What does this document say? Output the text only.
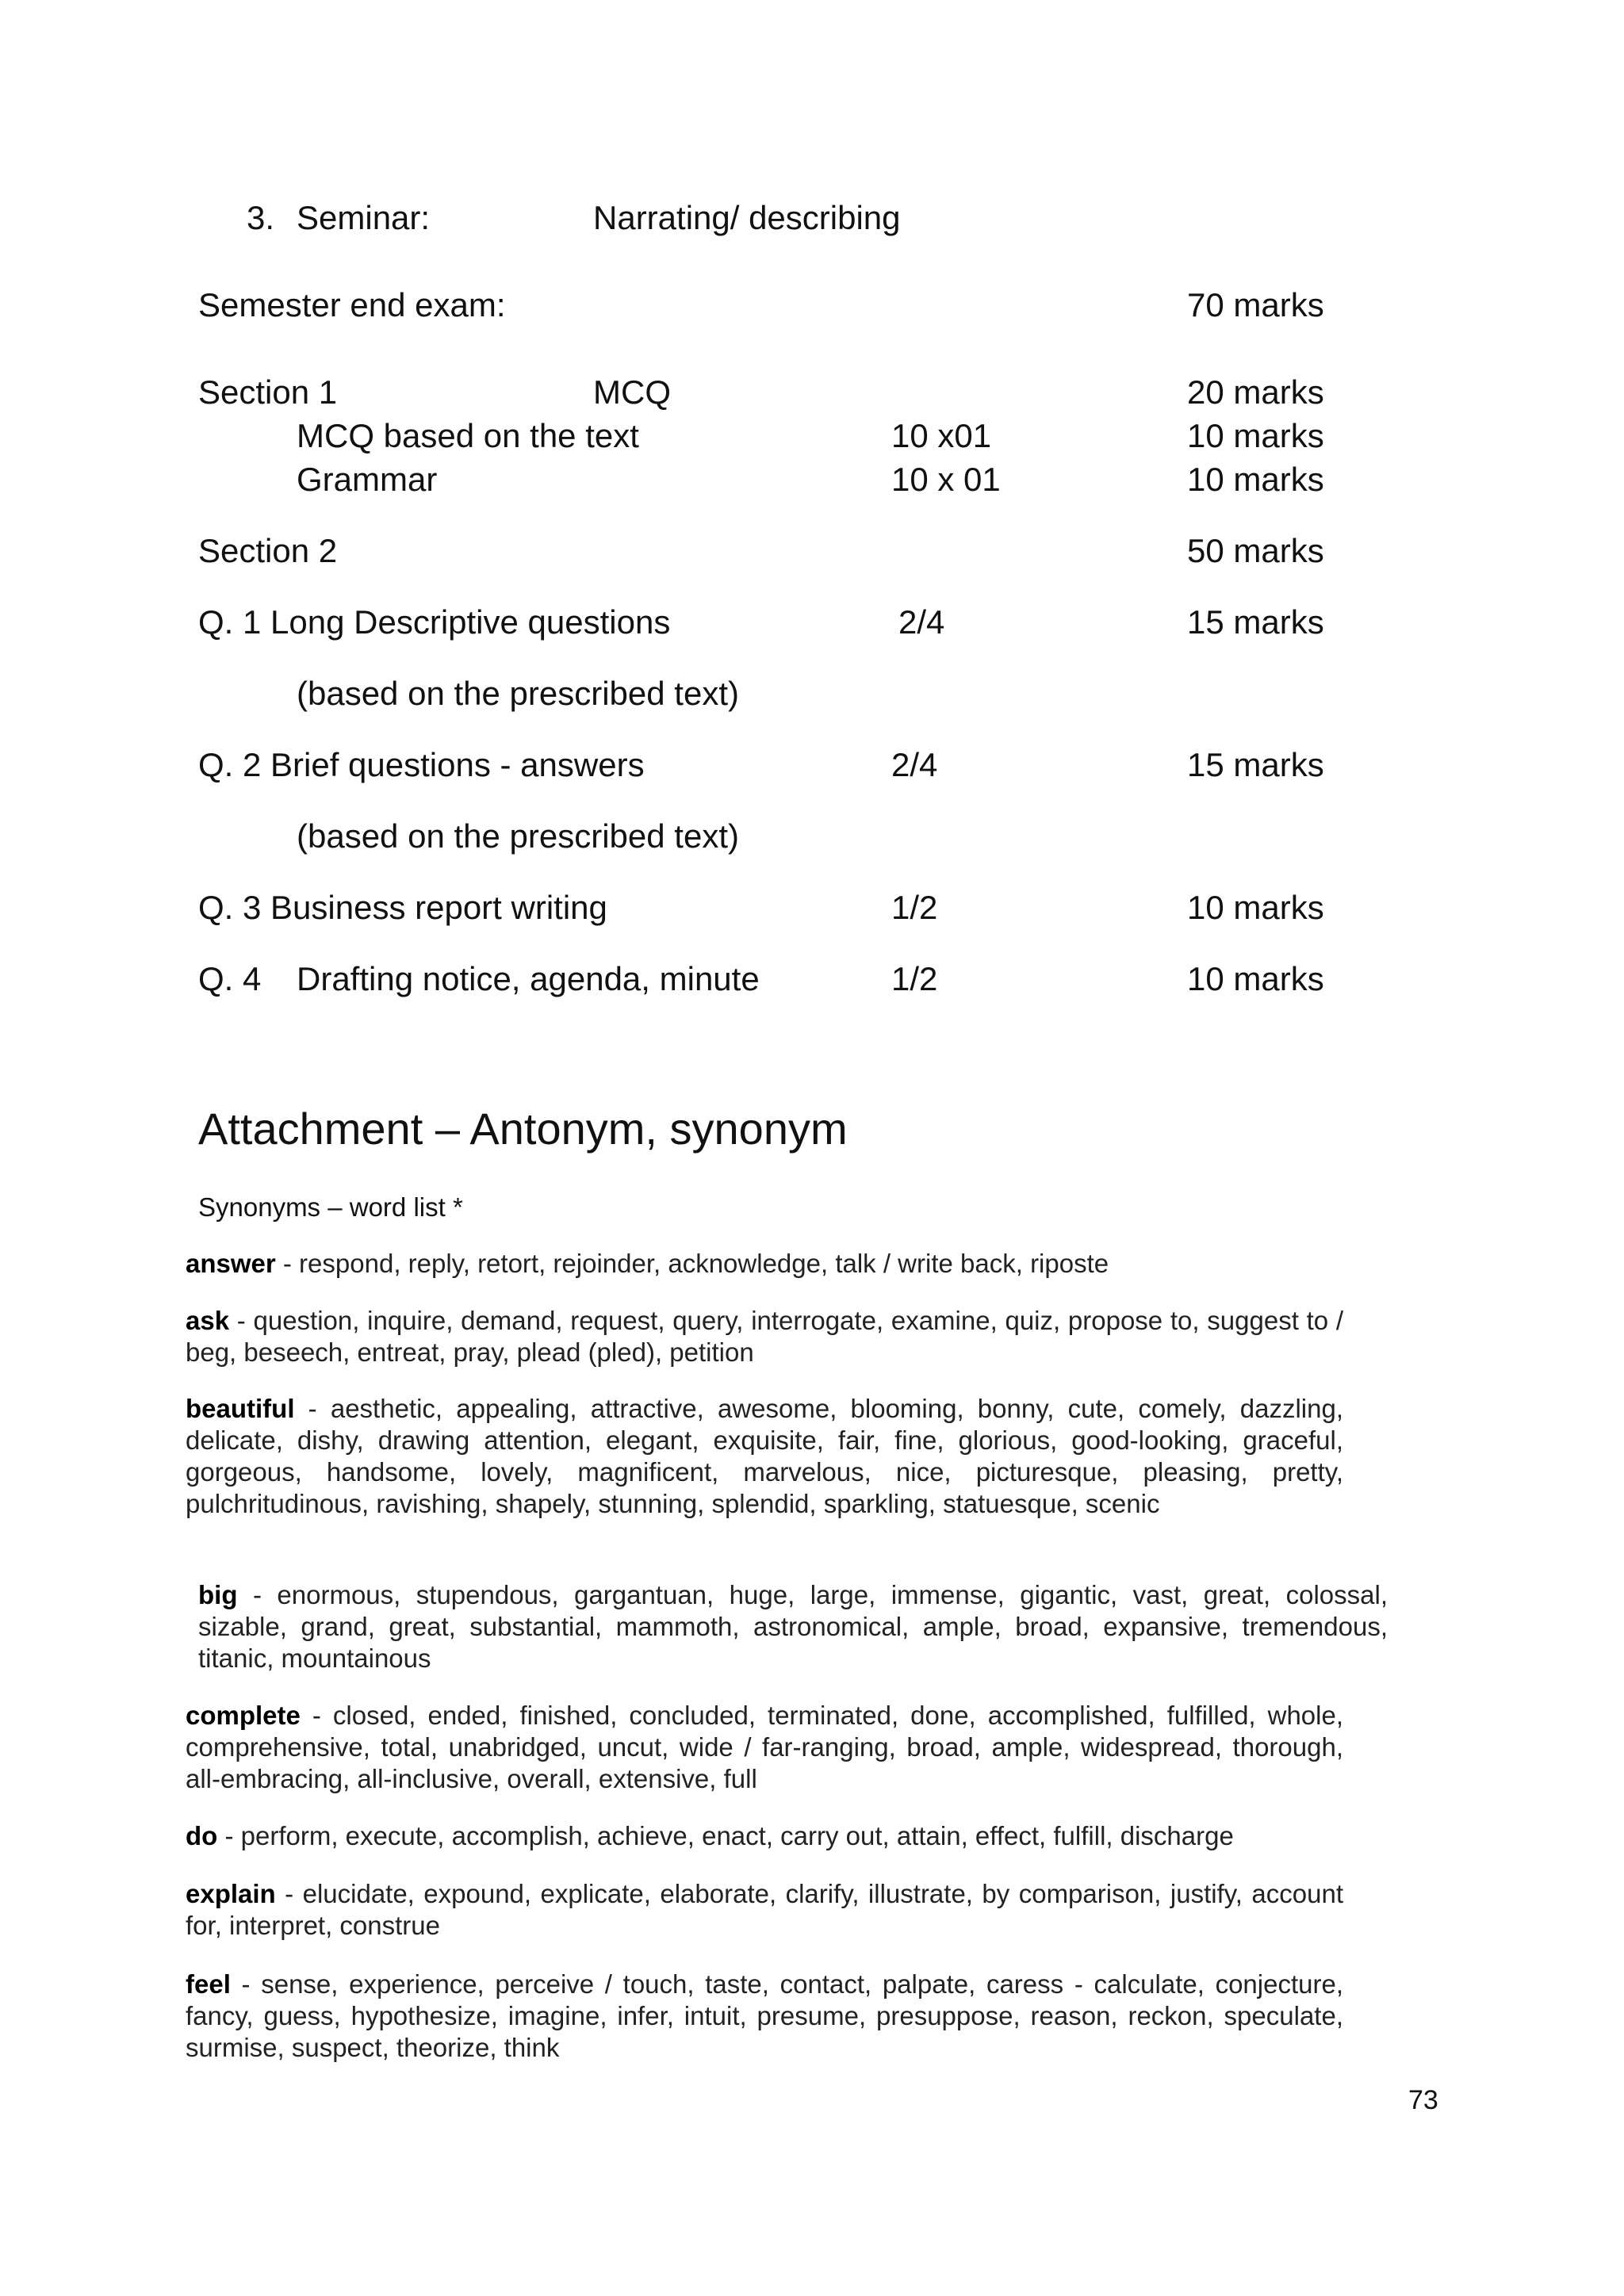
3. Seminar:	Narrating/ describing
Semester end exam:	70 marks
Section 1	MCQ	20 marks
MCQ based on the text	10 x01	10 marks
Grammar	10 x 01	10 marks
Section 2	50 marks
Q. 1 Long Descriptive questions	2/4	15 marks
(based on the prescribed text)
Q. 2 Brief questions - answers	2/4	15 marks
(based on the prescribed text)
Q. 3 Business report writing	1/2	10 marks
Q. 4 Drafting notice, agenda, minute	1/2	10 marks
Attachment – Antonym, synonym
Synonyms – word list *
answer - respond, reply, retort, rejoinder, acknowledge, talk / write back, riposte
ask - question, inquire, demand, request, query, interrogate, examine, quiz, propose to, suggest to / beg, beseech, entreat, pray, plead (pled), petition
beautiful - aesthetic, appealing, attractive, awesome, blooming, bonny, cute, comely, dazzling, delicate, dishy, drawing attention, elegant, exquisite, fair, fine, glorious, good-looking, graceful, gorgeous, handsome, lovely, magnificent, marvelous, nice, picturesque, pleasing, pretty, pulchritudinous, ravishing, shapely, stunning, splendid, sparkling, statuesque, scenic
big - enormous, stupendous, gargantuan, huge, large, immense, gigantic, vast, great, colossal, sizable, grand, great, substantial, mammoth, astronomical, ample, broad, expansive, tremendous, titanic, mountainous
complete - closed, ended, finished, concluded, terminated, done, accomplished, fulfilled, whole, comprehensive, total, unabridged, uncut, wide / far-ranging, broad, ample, widespread, thorough, all-embracing, all-inclusive, overall, extensive, full
do - perform, execute, accomplish, achieve, enact, carry out, attain, effect, fulfill, discharge
explain - elucidate, expound, explicate, elaborate, clarify, illustrate, by comparison, justify, account for, interpret, construe
feel - sense, experience, perceive / touch, taste, contact, palpate, caress - calculate, conjecture, fancy, guess, hypothesize, imagine, infer, intuit, presume, presuppose, reason, reckon, speculate, surmise, suspect, theorize, think
73
